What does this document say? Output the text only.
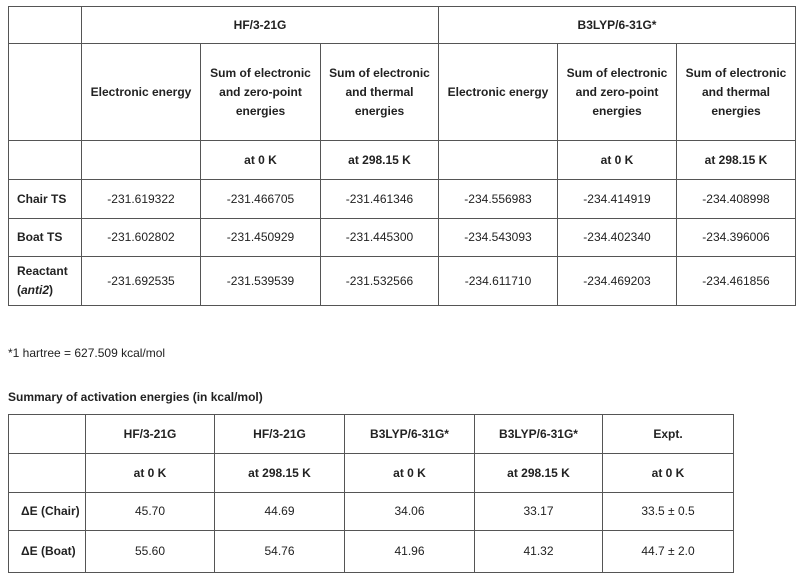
	HF/3-21G			B3LYP/6-31G*		
	Electronic energy	Sum of electronic and zero-point energies	Sum of electronic and thermal energies	Electronic energy	Sum of electronic and zero-point energies	Sum of electronic and thermal energies
		at 0 K	at 298.15 K		at 0 K	at 298.15 K
Chair TS	-231.619322	-231.466705	-231.461346	-234.556983	-234.414919	-234.408998
Boat TS	-231.602802	-231.450929	-231.445300	-234.543093	-234.402340	-234.396006
Reactant
(anti2)	-231.692535	-231.539539	-231.532566	-234.611710	-234.469203	-234.461856

*1 hartree = 627.509 kcal/mol

Summary of activation energies (in kcal/mol)

	HF/3-21G	HF/3-21G	B3LYP/6-31G*	B3LYP/6-31G*	Expt.
	at 0 K	at 298.15 K	at 0 K	at 298.15 K	at 0 K
ΔE (Chair)	45.70	44.69	34.06	33.17	33.5 ± 0.5
ΔE (Boat)	55.60	54.76	41.96	41.32	44.7 ± 2.0
